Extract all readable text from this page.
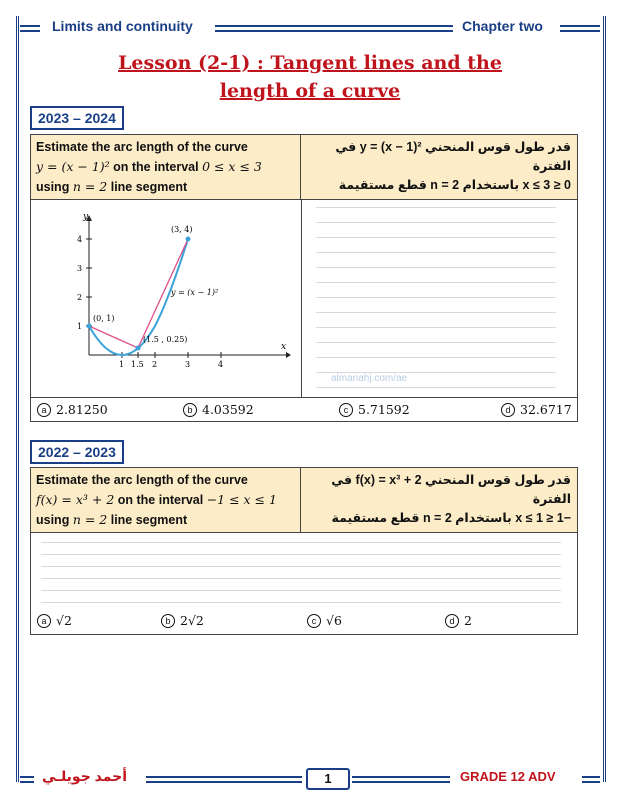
Limits and continuity	Chapter two
Lesson (2-1) : Tangent lines and the
length of a curve
2023 – 2024
Estimate the arc length of the curve
y = (x − 1)² on the interval 0 ≤ x ≤ 3
using n = 2 line segment
قدر طول قوس المنحني y = (x − 1)² في الفترة
0 ≤ x ≤ 3 باستخدام n = 2 قطع مستقيمة
y
x
1
2
3
4
1 1.5 2	3	4
(0, 1)
(1.5 , 0.25)
(3, 4)
y = (x − 1)²
almanahj.com/ae
a 2.81250	b 4.03592	c 5.71592	d 32.6717
2022 – 2023
Estimate the arc length of the curve
f(x) = x³ + 2 on the interval −1 ≤ x ≤ 1
using n = 2 line segment
قدر طول قوس المنحني f(x) = x³ + 2 في الفترة
−1 ≤ x ≤ 1 باستخدام n = 2 قطع مستقيمة
a √2	b 2√2	c √6	d 2
أحمد جويلـي	1	GRADE 12 ADV
